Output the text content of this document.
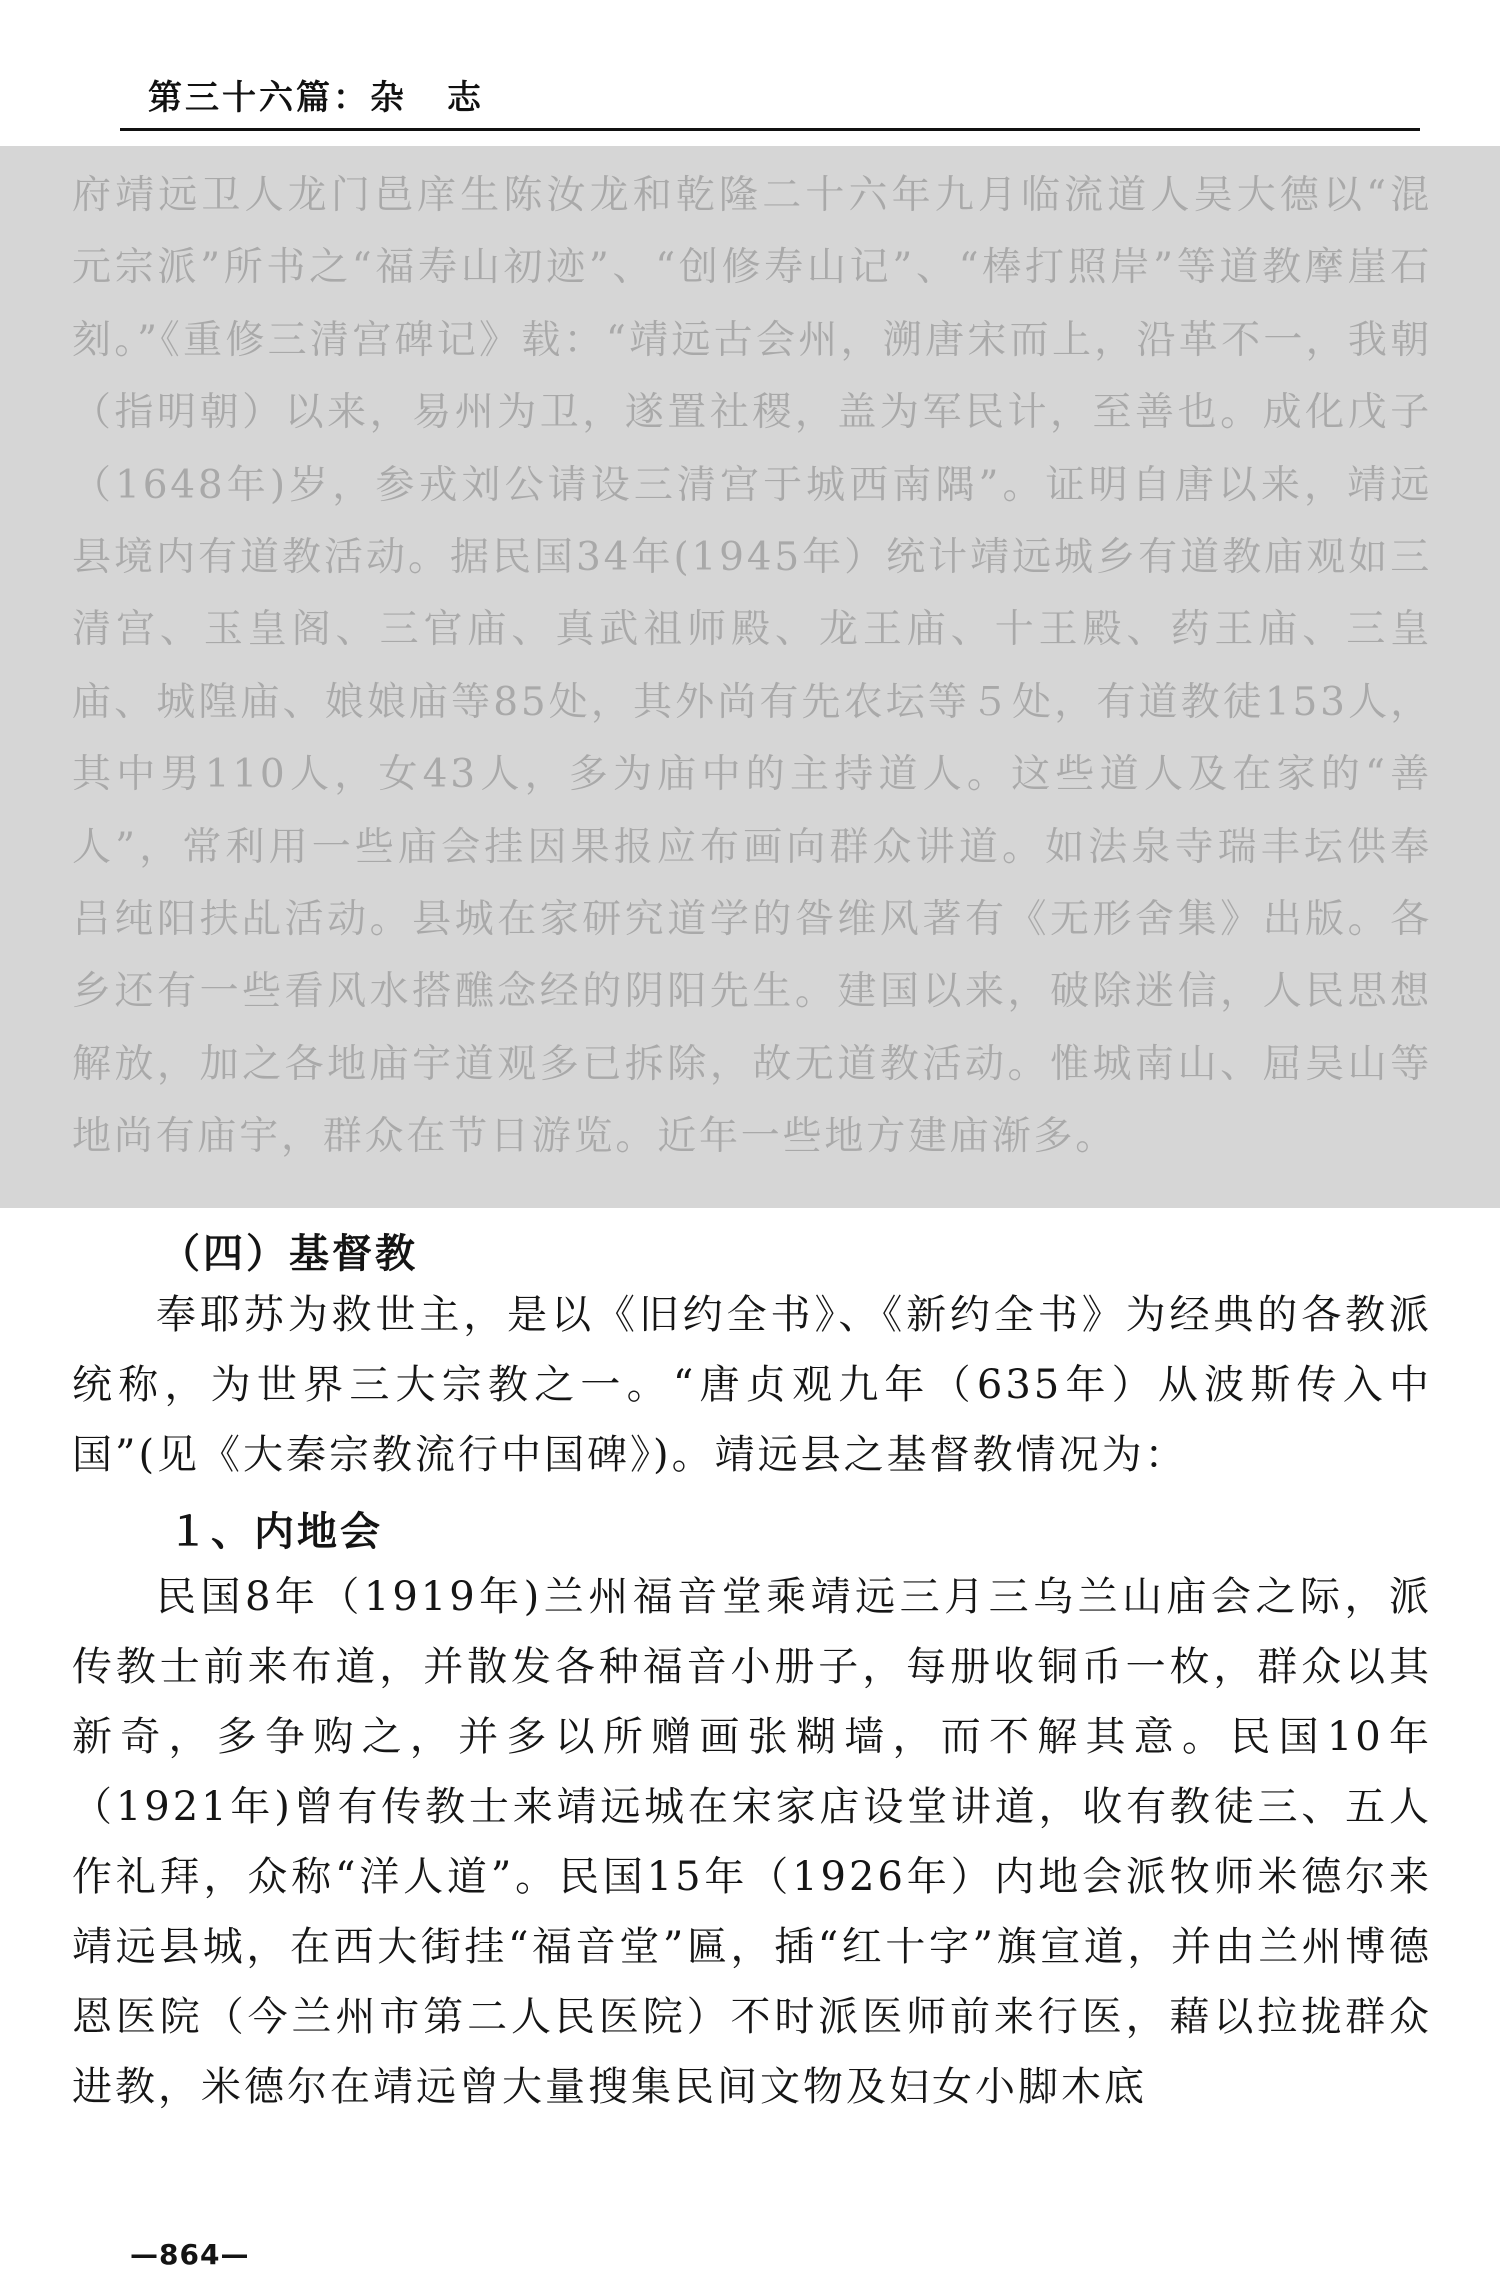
第三十六篇：杂 志

府靖远卫人龙门邑庠生陈汝龙和乾隆二十六年九月临流道人吴大德以“混元宗派”所书之“福寿山初迹”、“创修寿山记”、“棒打照岸”等道教摩崖石刻。”《重修三清宫碑记》载：“靖远古会州，溯唐宋而上，沿革不一，我朝（指明朝）以来，易州为卫，遂置社稷，盖为军民计，至善也。成化戊子（1648年)岁，参戎刘公请设三清宫于城西南隅”。证明自唐以来，靖远县境内有道教活动。据民国34年(1945年）统计靖远城乡有道教庙观如三清宫、玉皇阁、三官庙、真武祖师殿、龙王庙、十王殿、药王庙、三皇庙、城隍庙、娘娘庙等85处，其外尚有先农坛等５处，有道教徒153人，其中男110人，女43人，多为庙中的主持道人。这些道人及在家的“善人”，常利用一些庙会挂因果报应布画向群众讲道。如法泉寺瑞丰坛供奉吕纯阳扶乩活动。县城在家研究道学的昝维风著有《无形舍集》出版。各乡还有一些看风水搭醮念经的阴阳先生。建国以来，破除迷信，人民思想解放，加之各地庙宇道观多已拆除，故无道教活动。惟城南山、屈吴山等地尚有庙宇，群众在节日游览。近年一些地方建庙渐多。

（四）基督教

奉耶苏为救世主，是以《旧约全书》、《新约全书》为经典的各教派统称，为世界三大宗教之一。“唐贞观九年（635年）从波斯传入中国”(见《大秦宗教流行中国碑》)。靖远县之基督教情况为：

１、内地会

民国8年（1919年)兰州福音堂乘靖远三月三乌兰山庙会之际，派传教士前来布道，并散发各种福音小册子，每册收铜币一枚，群众以其新奇，多争购之，并多以所赠画张糊墙，而不解其意。民国10年（1921年)曾有传教士来靖远城在宋家店设堂讲道，收有教徒三、五人作礼拜，众称“洋人道”。民国15年（1926年）内地会派牧师米德尔来靖远县城，在西大街挂“福音堂”匾，插“红十字”旗宣道，并由兰州博德恩医院（今兰州市第二人民医院）不时派医师前来行医，藉以拉拢群众进教，米德尔在靖远曾大量搜集民间文物及妇女小脚木底

—864—
